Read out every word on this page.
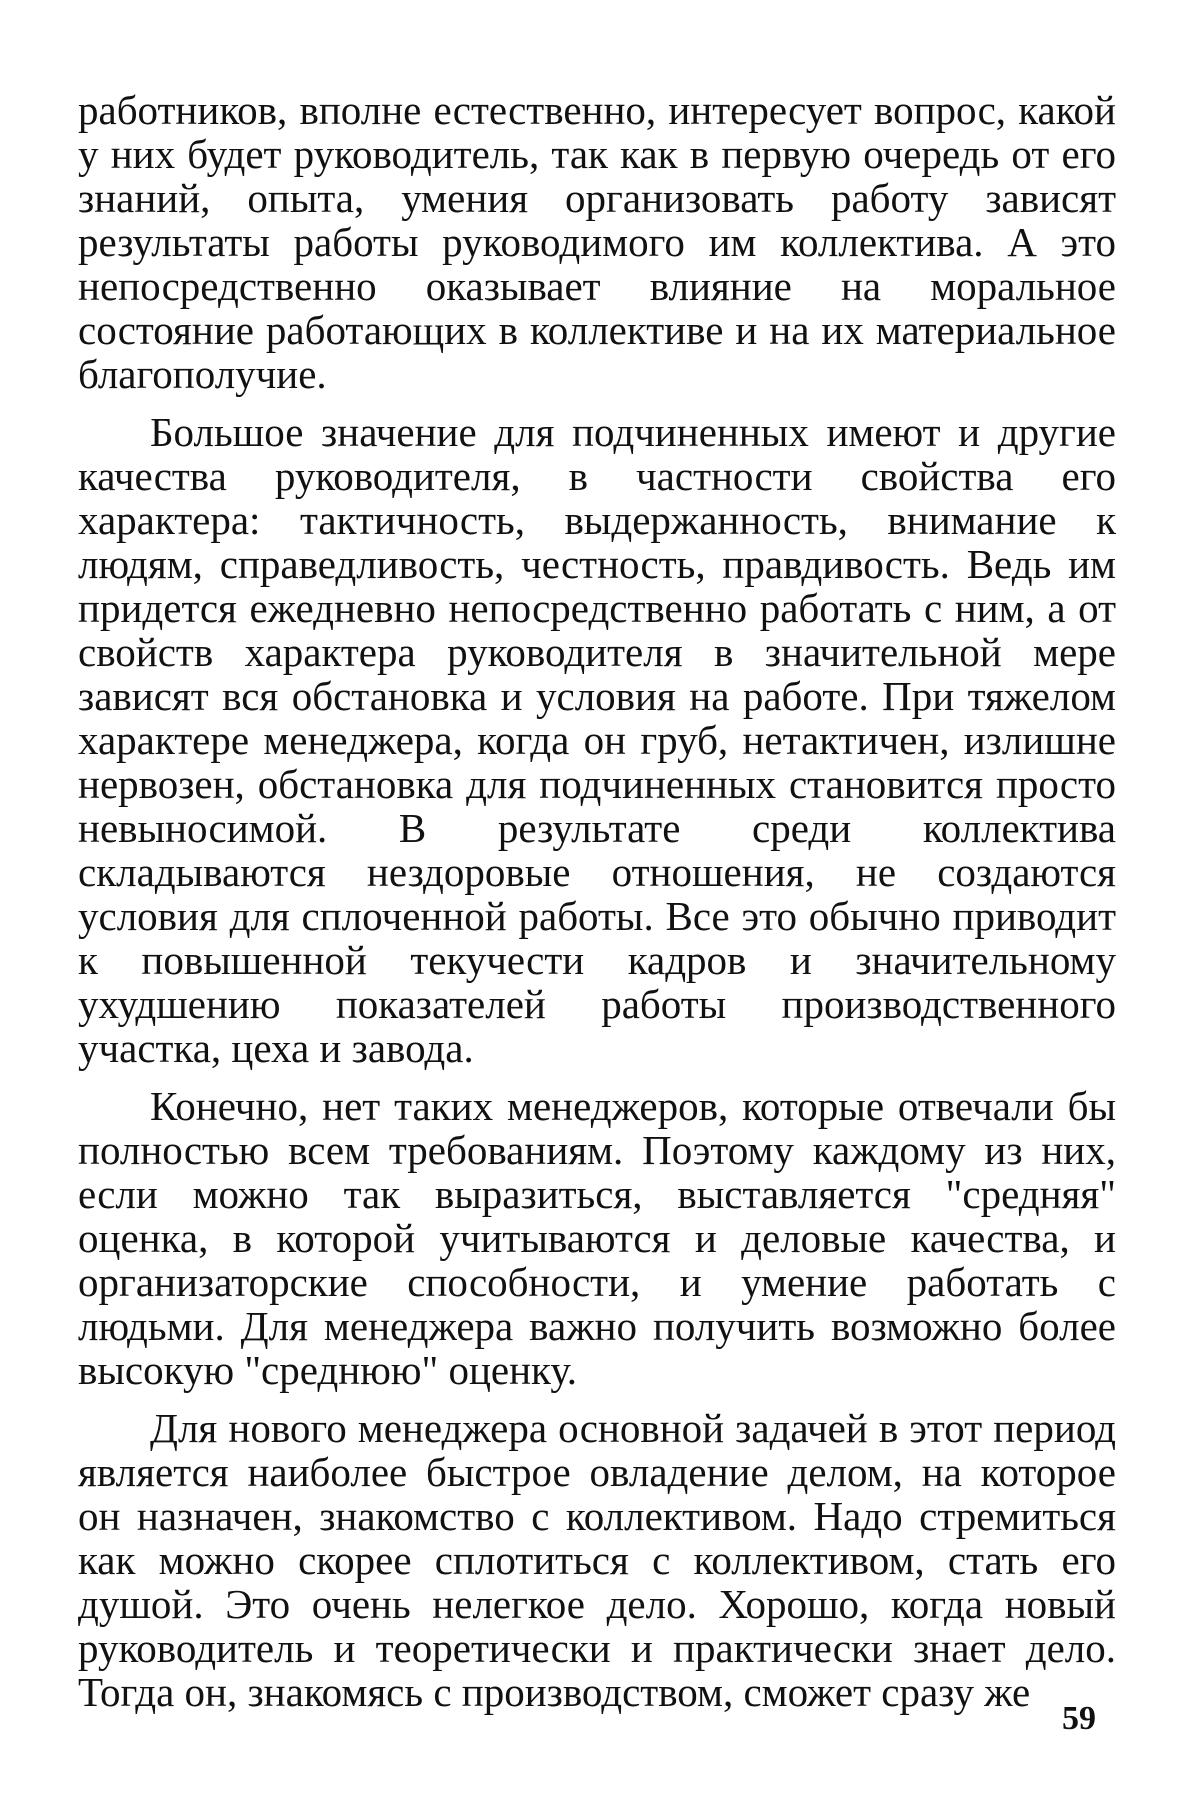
работников, вполне естественно, интересует вопрос, какой у них будет руководитель, так как в первую очередь от его знаний, опыта, умения организовать работу зависят результаты работы руководимого им коллектива. А это непосредственно оказывает влияние на моральное состояние работающих в коллективе и на их материальное благополучие.

Большое значение для подчиненных имеют и другие качества руководителя, в частности свойства его характера: тактичность, выдержанность, внимание к людям, справедливость, честность, правдивость. Ведь им придется ежедневно непосредственно работать с ним, а от свойств характера руководителя в значительной мере зависят вся обстановка и условия на работе. При тяжелом характере менеджера, когда он груб, нетактичен, излишне нервозен, обстановка для подчиненных становится просто невыносимой. В результате среди коллектива складываются нездоровые отношения, не создаются условия для сплоченной работы. Все это обычно приводит к повышенной текучести кадров и значительному ухудшению показателей работы производственного участка, цеха и завода.

Конечно, нет таких менеджеров, которые отвечали бы полностью всем требованиям. Поэтому каждому из них, если можно так выразиться, выставляется "средняя" оценка, в которой учитываются и деловые качества, и организаторские способности, и умение работать с людьми. Для менеджера важно получить возможно более высокую "среднюю" оценку.

Для нового менеджера основной задачей в этот период является наиболее быстрое овладение делом, на которое он назначен, знакомство с коллективом. Надо стремиться как можно скорее сплотиться с коллективом, стать его душой. Это очень нелегкое дело. Хорошо, когда новый руководитель и теоретически и практически знает дело. Тогда он, знакомясь с производством, сможет сразу же

59
